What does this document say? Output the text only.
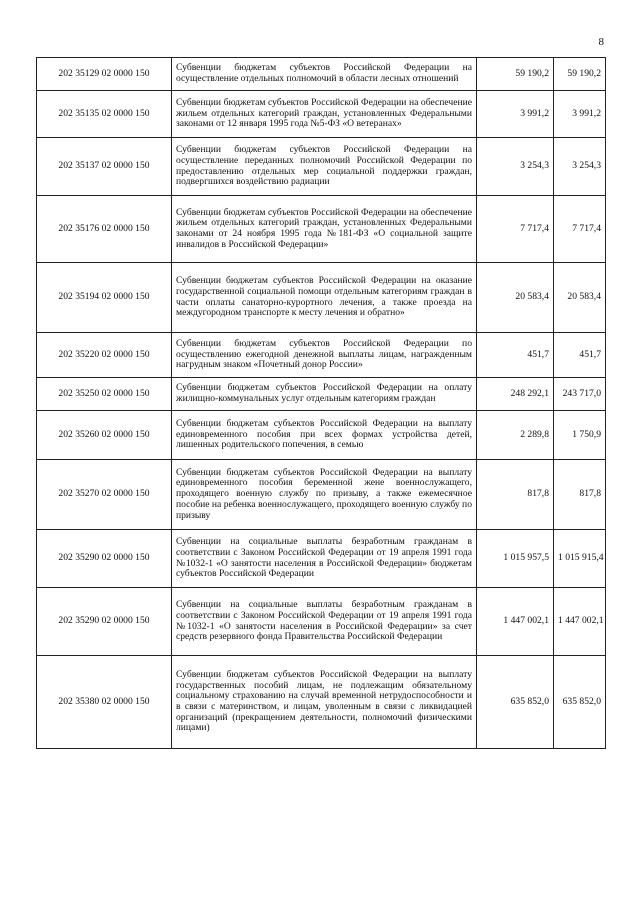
8
202 35129 02 0000 150	Субвенции бюджетам субъектов Российской Федерации на осуществление отдельных полномочий в области лесных отношений	59 190,2	59 190,2
202 35135 02 0000 150	Субвенции бюджетам субъектов Российской Федерации на обеспечение жильем отдельных категорий граждан, установленных Федеральными законами от 12 января 1995 года №5-ФЗ «О ветеранах»	3 991,2	3 991,2
202 35137 02 0000 150	Субвенции бюджетам субъектов Российской Федерации на осуществление переданных полномочий Российской Федерации по предоставлению отдельных мер социальной поддержки граждан, подвергшихся воздействию радиации	3 254,3	3 254,3
202 35176 02 0000 150	Субвенции бюджетам субъектов Российской Федерации на обеспечение жильем отдельных категорий граждан, установленных Федеральными законами от 24 ноября 1995 года №181-ФЗ «О социальной защите инвалидов в Российской Федерации»	7 717,4	7 717,4
202 35194 02 0000 150	Субвенции бюджетам субъектов Российской Федерации на оказание государственной социальной помощи отдельным категориям граждан в части оплаты санаторно-курортного лечения, а также проезда на междугородном транспорте к месту лечения и обратно»	20 583,4	20 583,4
202 35220 02 0000 150	Субвенции бюджетам субъектов Российской Федерации по осуществлению ежегодной денежной выплаты лицам, награжденным нагрудным знаком «Почетный донор России»	451,7	451,7
202 35250 02 0000 150	Субвенции бюджетам субъектов Российской Федерации на оплату жилищно-коммунальных услуг отдельным категориям граждан	248 292,1	243 717,0
202 35260 02 0000 150	Субвенции бюджетам субъектов Российской Федерации на выплату единовременного пособия при всех формах устройства детей, лишенных родительского попечения, в семью	2 289,8	1 750,9
202 35270 02 0000 150	Субвенции бюджетам субъектов Российской Федерации на выплату единовременного пособия беременной жене военнослужащего, проходящего военную службу по призыву, а также ежемесячное пособие на ребенка военнослужащего, проходящего военную службу по призыву	817,8	817,8
202 35290 02 0000 150	Субвенции на социальные выплаты безработным гражданам в соответствии с Законом Российской Федерации от 19 апреля 1991 года №1032-1 «О занятости населения в Российской Федерации» бюджетам субъектов Российской Федерации	1 015 957,5	1 015 915,4
202 35290 02 0000 150	Субвенции на социальные выплаты безработным гражданам в соответствии с Законом Российской Федерации от 19 апреля 1991 года №1032-1 «О занятости населения в Российской Федерации» за счет средств резервного фонда Правительства Российской Федерации	1 447 002,1	1 447 002,1
202 35380 02 0000 150	Субвенции бюджетам субъектов Российской Федерации на выплату государственных пособий лицам, не подлежащим обязательному социальному страхованию на случай временной нетрудоспособности и в связи с материнством, и лицам, уволенным в связи с ликвидацией организаций (прекращением деятельности, полномочий физическими лицами)	635 852,0	635 852,0
